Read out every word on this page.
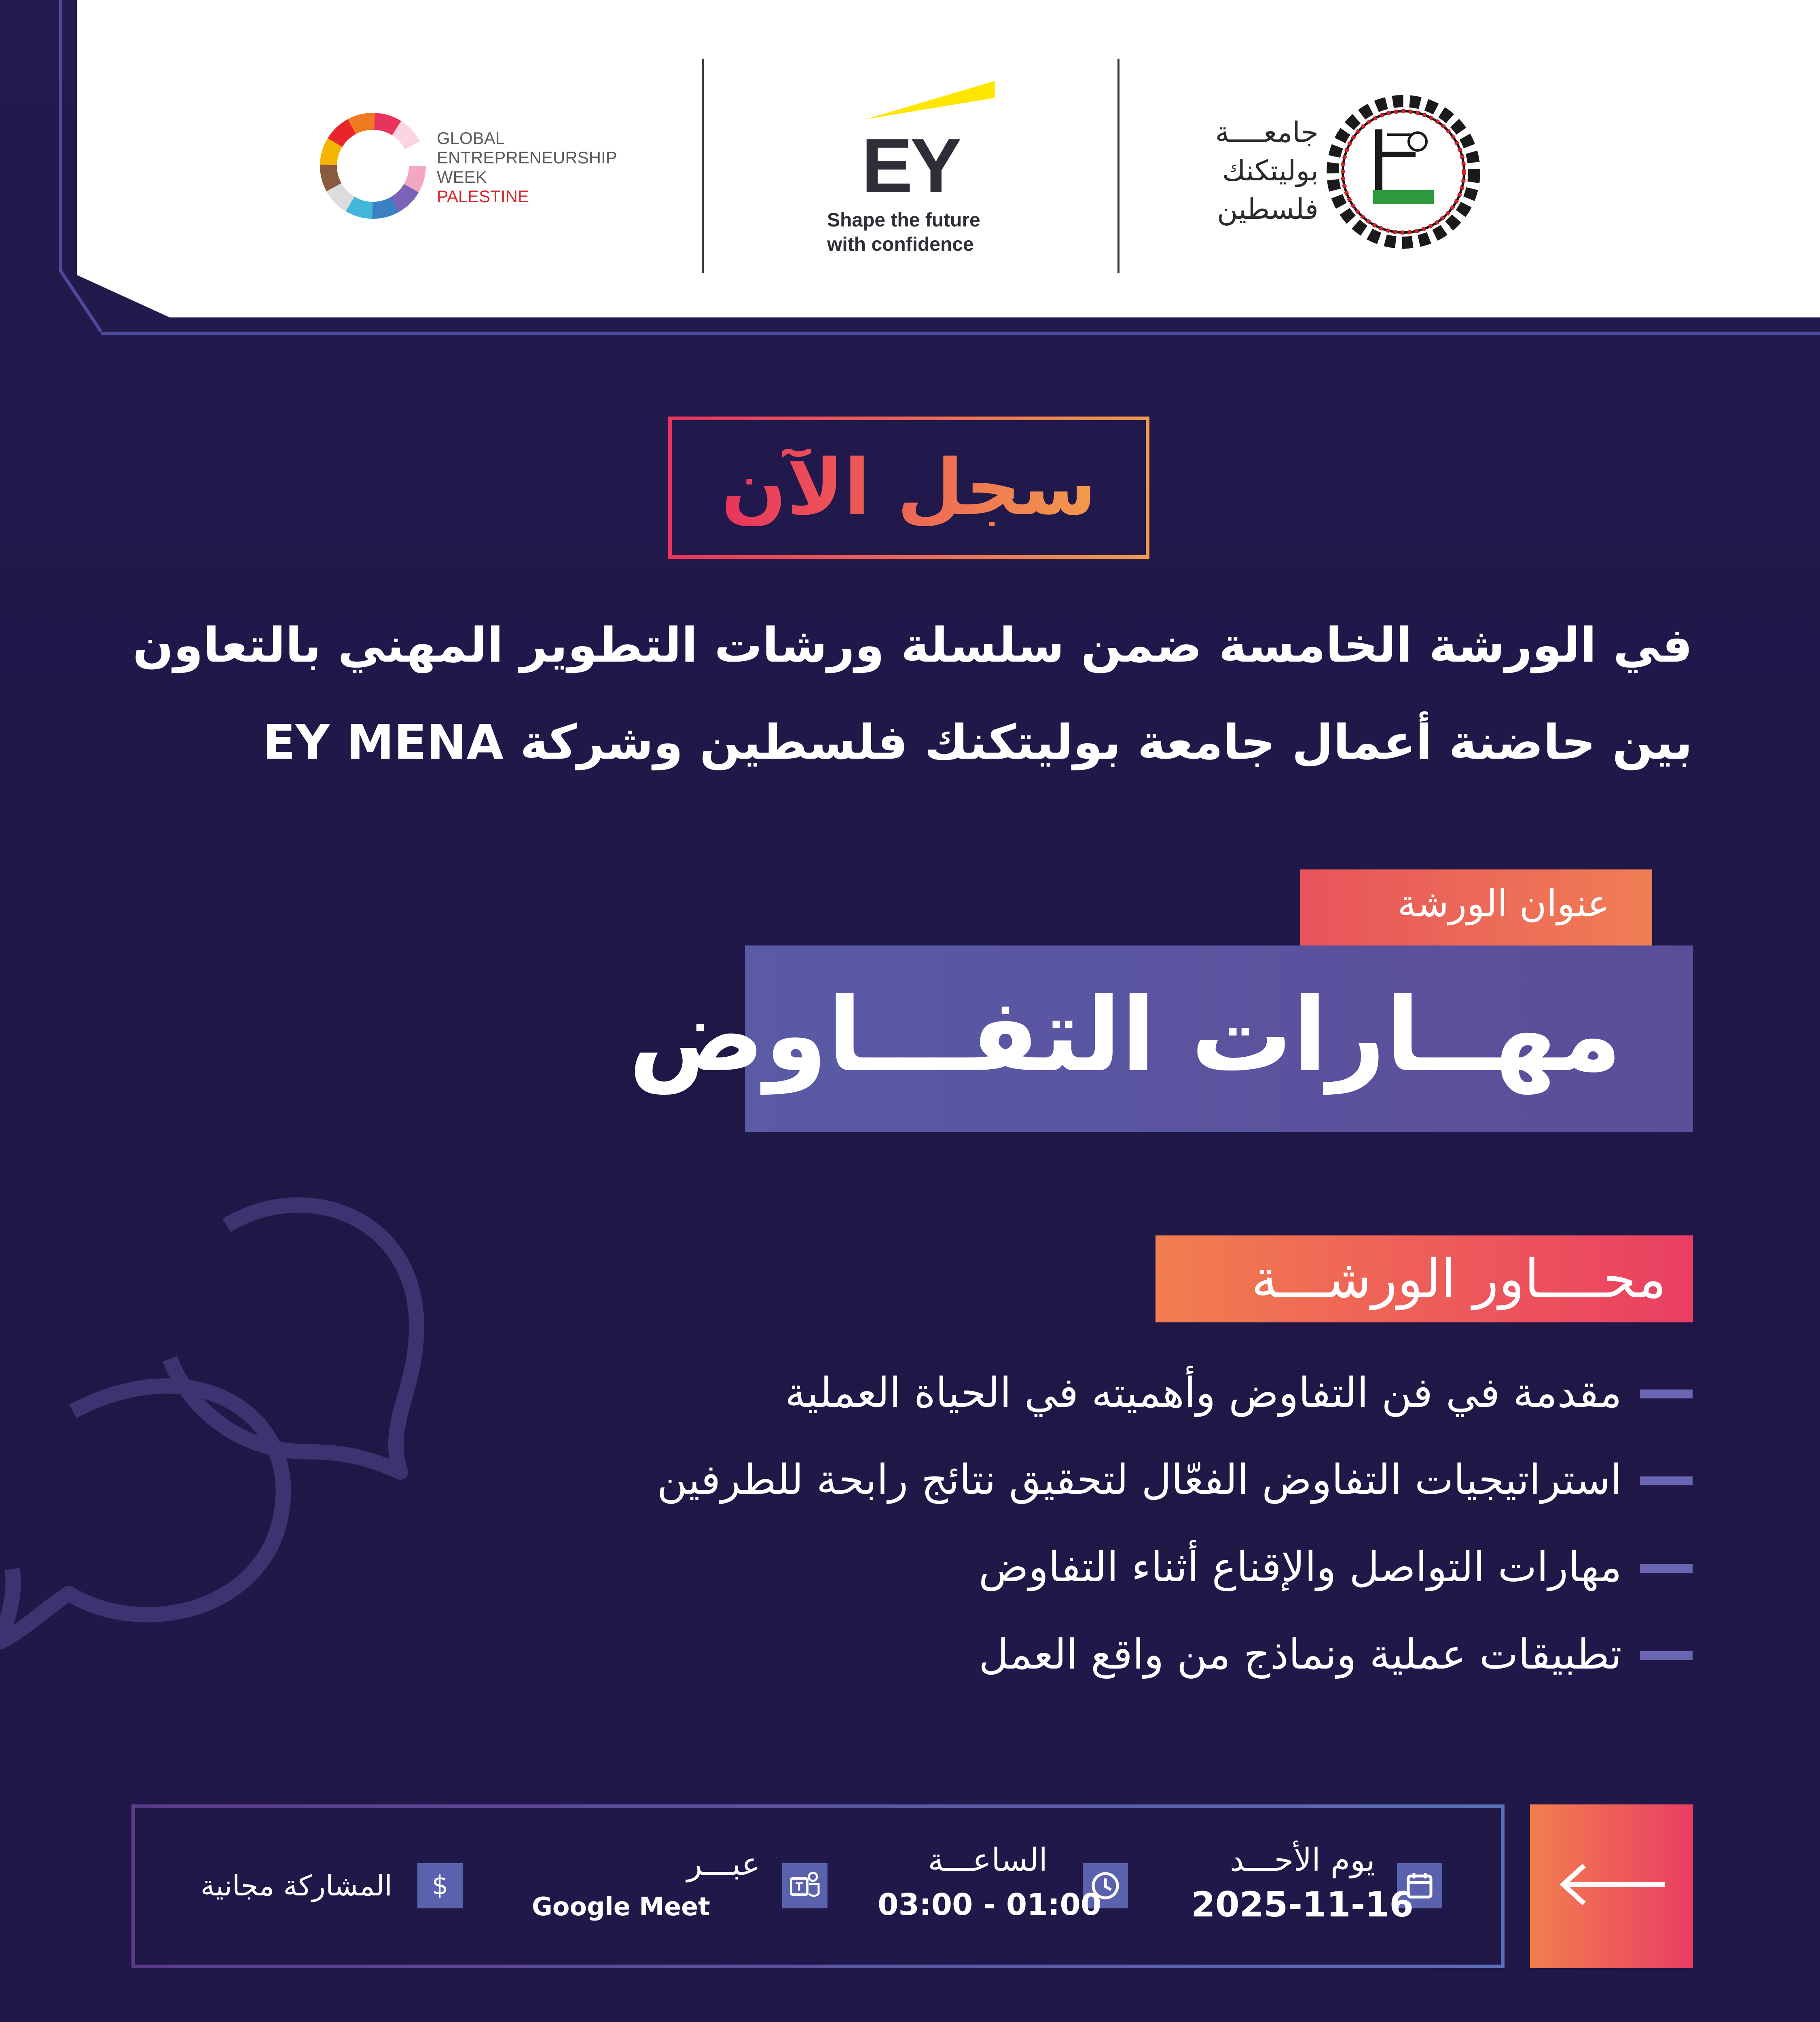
GLOBAL
ENTREPRENEURSHIP
WEEK
PALESTINE	EY
Shape the future
with confidence
جامعــــة
بوليتكنك
فلسطين
سجل الآن
في الورشة الخامسة ضمن سلسلة ورشات التطوير المهني بالتعاون
بين حاضنة أعمال جامعة بوليتكنك فلسطين وشركة EY MENA
عنوان الورشة
مهــارات التفـــاوض
محــــاور الورشـــة
مقدمة في فن التفاوض وأهميته في الحياة العملية
استراتيجيات التفاوض الفعّال لتحقيق نتائج رابحة للطرفين
مهارات التواصل والإقناع أثناء التفاوض
تطبيقات عملية ونماذج من واقع العمل
يوم الأحـــد
2025-11-16
الساعـــة
03:00 - 01:00
T
عبـــر
Google Meet
$
المشاركة مجانية
